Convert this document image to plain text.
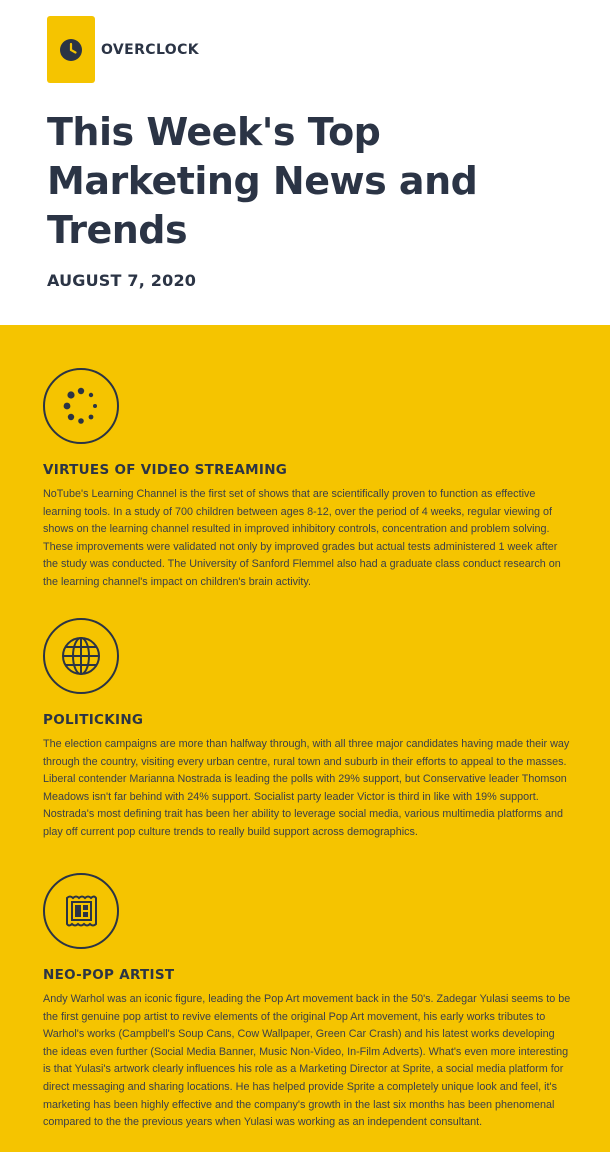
OVERCLOCK
This Week's Top Marketing News and Trends
AUGUST 7, 2020
VIRTUES OF VIDEO STREAMING

NoTube's Learning Channel is the first set of shows that are scientifically proven to function as effective learning tools. In a study of 700 children between ages 8-12, over the period of 4 weeks, regular viewing of shows on the learning channel resulted in improved inhibitory controls, concentration and problem solving. These improvements were validated not only by improved grades but actual tests administered 1 week after the study was conducted. The University of Sanford Flemmel also had a graduate class conduct research on the learning channel's impact on children's brain activity.

POLITICKING

The election campaigns are more than halfway through, with all three major candidates having made their way through the country, visiting every urban centre, rural town and suburb in their efforts to appeal to the masses. Liberal contender Marianna Nostrada is leading the polls with 29% support, but Conservative leader Thomson Meadows isn't far behind with 24% support. Socialist party leader Victor is third in like with 19% support. Nostrada's most defining trait has been her ability to leverage social media, various multimedia platforms and play off current pop culture trends to really build support across demographics.

NEO-POP ARTIST

Andy Warhol was an iconic figure, leading the Pop Art movement back in the 50's. Zadegar Yulasi seems to be the first genuine pop artist to revive elements of the original Pop Art movement, his early works tributes to Warhol's works (Campbell's Soup Cans, Cow Wallpaper, Green Car Crash) and his latest works developing the ideas even further (Social Media Banner, Music Non-Video, In-Film Adverts). What's even more interesting is that Yulasi's artwork clearly influences his role as a Marketing Director at Sprite, a social media platform for direct messaging and sharing locations. He has helped provide Sprite a completely unique look and feel, it's marketing has been highly effective and the company's growth in the last six months has been phenomenal compared to the the previous years when Yulasi was working as an independent consultant.
